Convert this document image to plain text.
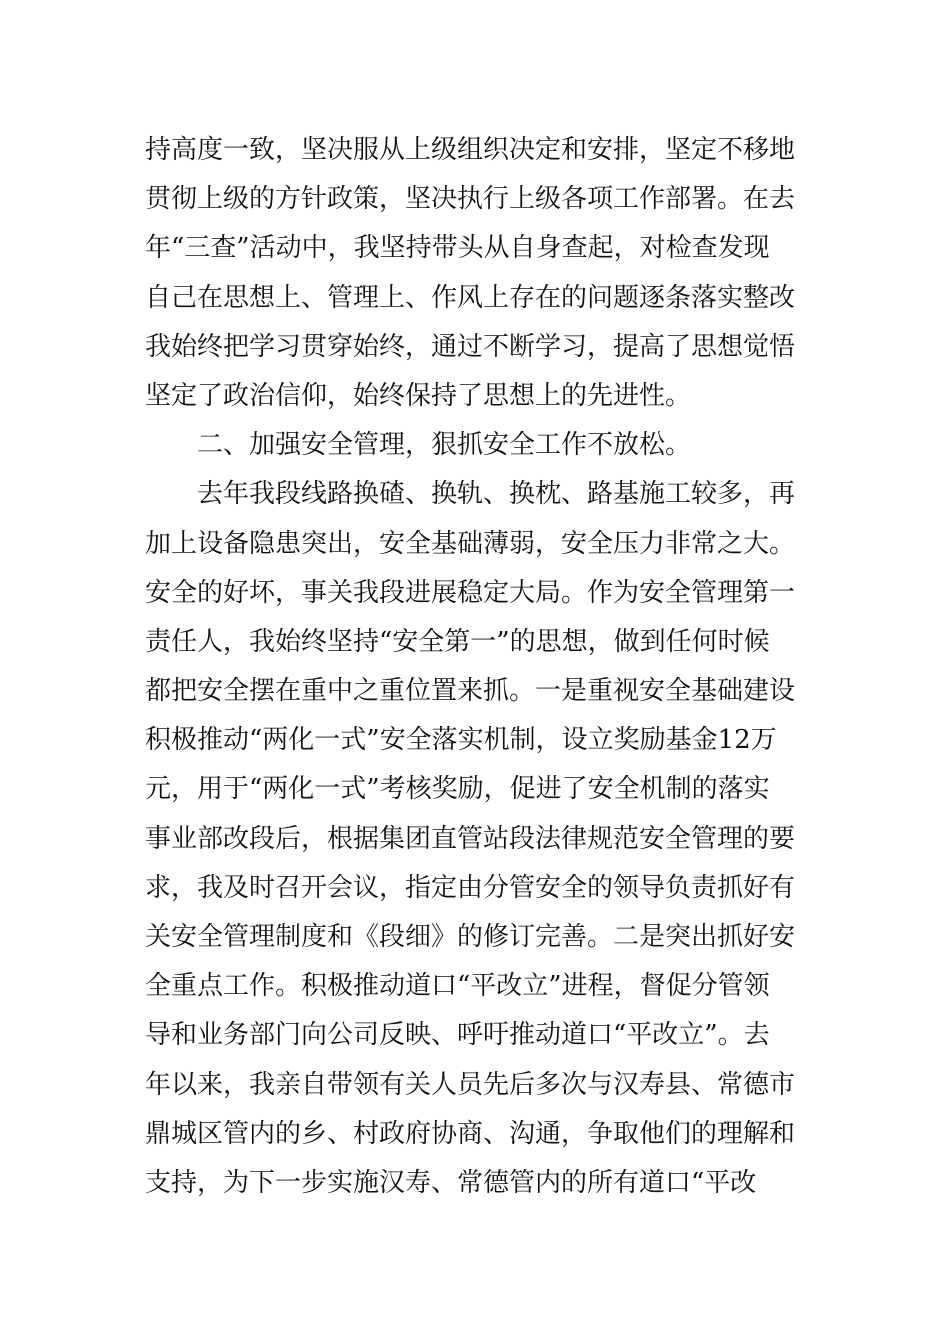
持高度一致，坚决服从上级组织决定和安排，坚定不移地
贯彻上级的方针政策，坚决执行上级各项工作部署。在去
年“三查”活动中，我坚持带头从自身查起，对检查发现
自己在思想上、管理上、作风上存在的问题逐条落实整改
我始终把学习贯穿始终，通过不断学习，提高了思想觉悟
坚定了政治信仰，始终保持了思想上的先进性。
二、加强安全管理，狠抓安全工作不放松。
去年我段线路换碴、换轨、换枕、路基施工较多，再
加上设备隐患突出，安全基础薄弱，安全压力非常之大。
安全的好坏，事关我段进展稳定大局。作为安全管理第一
责任人，我始终坚持“安全第一”的思想，做到任何时候
都把安全摆在重中之重位置来抓。一是重视安全基础建设
积极推动“两化一式”安全落实机制，设立奖励基金12万
元，用于“两化一式”考核奖励，促进了安全机制的落实
事业部改段后，根据集团直管站段法律规范安全管理的要
求，我及时召开会议，指定由分管安全的领导负责抓好有
关安全管理制度和《段细》的修订完善。二是突出抓好安
全重点工作。积极推动道口“平改立”进程，督促分管领
导和业务部门向公司反映、呼吁推动道口“平改立”。去
年以来，我亲自带领有关人员先后多次与汉寿县、常德市
鼎城区管内的乡、村政府协商、沟通，争取他们的理解和
支持，为下一步实施汉寿、常德管内的所有道口“平改
